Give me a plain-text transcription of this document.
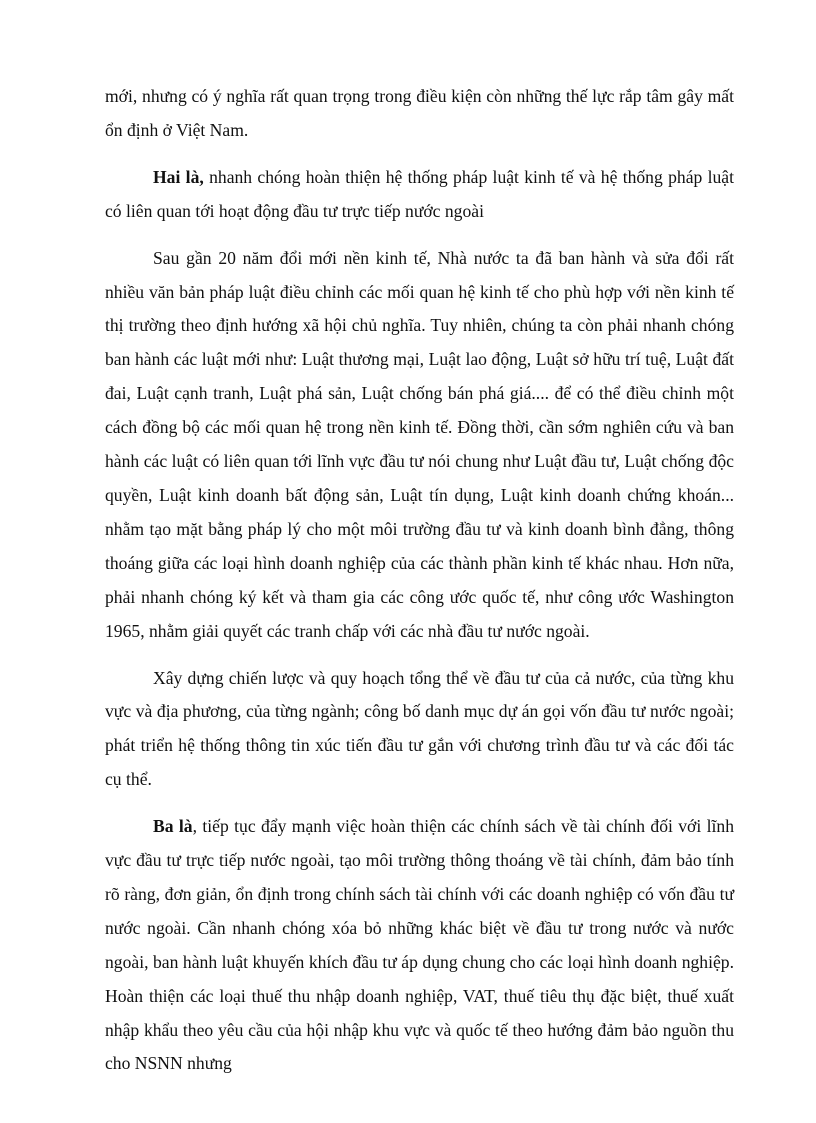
mới, nhưng có ý nghĩa rất quan trọng trong điều kiện còn những thế lực rắp tâm gây mất ổn định ở Việt Nam.

Hai là, nhanh chóng hoàn thiện hệ thống pháp luật kinh tế và hệ thống pháp luật có liên quan tới hoạt động đầu tư trực tiếp nước ngoài

Sau gần 20 năm đổi mới nền kinh tế, Nhà nước ta đã ban hành và sửa đổi rất nhiều văn bản pháp luật điều chỉnh các mối quan hệ kinh tế cho phù hợp với nền kinh tế thị trường theo định hướng xã hội chủ nghĩa. Tuy nhiên, chúng ta còn phải nhanh chóng ban hành các luật mới như: Luật thương mại, Luật lao động, Luật sở hữu trí tuệ, Luật đất đai, Luật cạnh tranh, Luật phá sản, Luật chống bán phá giá.... để có thể điều chỉnh một cách đồng bộ các mối quan hệ trong nền kinh tế. Đồng thời, cần sớm nghiên cứu và ban hành các luật có liên quan tới lĩnh vực đầu tư nói chung như Luật đầu tư, Luật chống độc quyền, Luật kinh doanh bất động sản, Luật tín dụng, Luật kinh doanh chứng khoán... nhằm tạo mặt bằng pháp lý cho một môi trường đầu tư và kinh doanh bình đẳng, thông thoáng giữa các loại hình doanh nghiệp của các thành phần kinh tế khác nhau. Hơn nữa, phải nhanh chóng ký kết và tham gia các công ước quốc tế, như công ước Washington 1965, nhằm giải quyết các tranh chấp với các nhà đầu tư nước ngoài.

Xây dựng chiến lược và quy hoạch tổng thể về đầu tư của cả nước, của từng khu vực và địa phương, của từng ngành; công bố danh mục dự án gọi vốn đầu tư nước ngoài; phát triển hệ thống thông tin xúc tiến đầu tư gắn với chương trình đầu tư và các đối tác cụ thể.

Ba là, tiếp tục đẩy mạnh việc hoàn thiện các chính sách về tài chính đối với lĩnh vực đầu tư trực tiếp nước ngoài, tạo môi trường thông thoáng về tài chính, đảm bảo tính rõ ràng, đơn giản, ổn định trong chính sách tài chính với các doanh nghiệp có vốn đầu tư nước ngoài. Cần nhanh chóng xóa bỏ những khác biệt về đầu tư trong nước và nước ngoài, ban hành luật khuyến khích đầu tư áp dụng chung cho các loại hình doanh nghiệp. Hoàn thiện các loại thuế thu nhập doanh nghiệp, VAT, thuế tiêu thụ đặc biệt, thuế xuất nhập khẩu theo yêu cầu của hội nhập khu vực và quốc tế theo hướng đảm bảo nguồn thu cho NSNN nhưng
